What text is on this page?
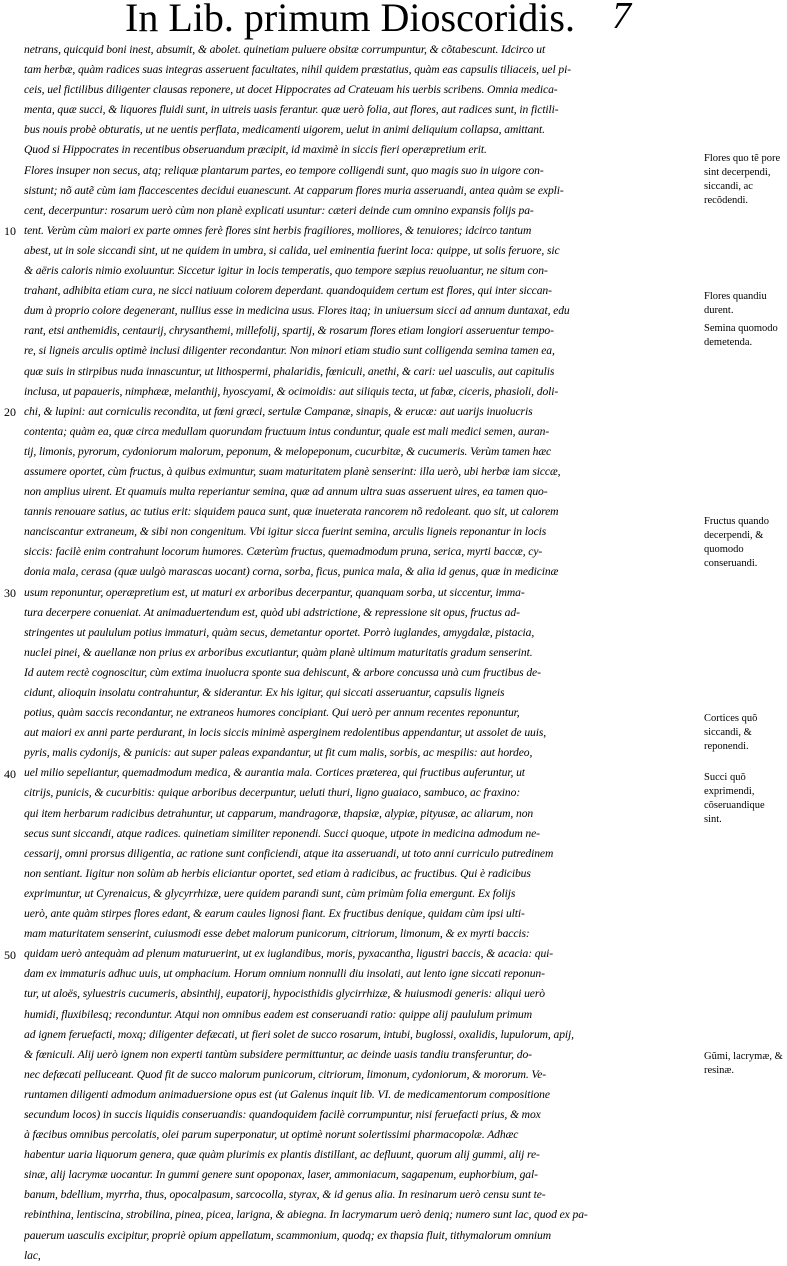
In Lib. primum Dioscoridis. 7
netrans, quicquid boni inest, absumit, & abolet. quinetiam puluere obsitæ corrumpuntur, & cõtabescunt. Idcirco ut
tam herbæ, quàm radices suas integras asseruent facultates, nihil quidem præstatius, quàm eas capsulis tiliaceis, uel pi-
ceis, uel fictilibus diligenter clausas reponere, ut docet Hippocrates ad Crateuam his uerbis scribens. Omnia medica-
menta, quæ succi, & liquores fluidi sunt, in uitreis uasis ferantur. quæ uerò folia, aut flores, aut radices sunt, in fictili-
bus nouis probè obturatis, ut ne uentis perflata, medicamenti uigorem, uelut in animi deliquium collapsa, amittant.
Quod si Hippocrates in recentibus obseruandum præcipit, id maximè in siccis fieri operæpretium erit.
Flores insuper non secus, atq; reliquæ plantarum partes, eo tempore colligendi sunt, quo magis suo in uigore con-
sistunt; nõ autẽ cùm iam flaccescentes decidui euanescunt. At capparum flores muria asseruandi, antea quàm se expli-
cent, decerpuntur: rosarum uerò cùm non planè explicati usuntur: cæteri deinde cum omnino expansis folijs pa-
tent. Verùm cùm maiori ex parte omnes ferè flores sint herbis fragiliores, molliores, & tenuiores; idcirco tantum
abest, ut in sole siccandi sint, ut ne quidem in umbra, si calida, uel eminentia fuerint loca: quippe, ut solis feruore, sic
& aëris caloris nimio exoluuntur. Siccetur igitur in locis temperatis, quo tempore sæpius reuoluantur, ne situm con-
trahant, adhibita etiam cura, ne sicci natiuum colorem deperdant. quandoquidem certum est flores, qui inter siccan-
dum à proprio colore degenerant, nullius esse in medicina usus. Flores itaq; in uniuersum sicci ad annum duntaxat, edu
rant, etsi anthemidis, centaurij, chrysanthemi, millefolij, spartij, & rosarum flores etiam longiori asseruentur tempo-
re, si ligneis arculis optimè inclusi diligenter recondantur. Non minori etiam studio sunt colligenda semina tamen ea,
quæ suis in stirpibus nuda innascuntur, ut lithospermi, phalaridis, fœniculi, anethi, & cari: uel uasculis, aut capitulis
inclusa, ut papaueris, nimphææ, melanthij, hyoscyami, & ocimoidis: aut siliquis tecta, ut fabæ, ciceris, phasioli, doli-
chi, & lupini: aut corniculis recondita, ut fœni græci, sertulæ Campanæ, sinapis, & erucæ: aut uarijs inuolucris
contenta; quàm ea, quæ circa medullam quorundam fructuum intus conduntur, quale est mali medici semen, auran-
tij, limonis, pyrorum, cydoniorum malorum, peponum, & melopeponum, cucurbitæ, & cucumeris. Verùm tamen hæc
assumere oportet, cùm fructus, à quibus eximuntur, suam maturitatem planè senserint: illa uerò, ubi herbæ iam siccæ,
non amplius uirent. Et quamuis multa reperiantur semina, quæ ad annum ultra suas asseruent uires, ea tamen quo-
tannis renouare satius, ac tutius erit: siquidem pauca sunt, quæ inueterata rancorem nõ redoleant. quo sit, ut calorem
nanciscantur extraneum, & sibi non congenitum. Vbi igitur sicca fuerint semina, arculis ligneis reponantur in locis
siccis: facilè enim contrahunt locorum humores. Cæterùm fructus, quemadmodum pruna, serica, myrti baccæ, cy-
donia mala, cerasa (quæ uulgò marascas uocant) corna, sorba, ficus, punica mala, & alia id genus, quæ in medicinæ
usum reponuntur, operæpretium est, ut maturi ex arboribus decerpantur, quanquam sorba, ut siccentur, imma-
tura decerpere conueniat. At animaduertendum est, quòd ubi adstrictione, & repressione sit opus, fructus ad-
stringentes ut paululum potius immaturi, quàm secus, demetantur oportet. Porrò iuglandes, amygdalæ, pistacia,
nuclei pinei, & auellanæ non prius ex arboribus excutiantur, quàm planè ultimum maturitatis gradum senserint.
Id autem rectè cognoscitur, cùm extima inuolucra sponte sua dehiscunt, & arbore concussa unà cum fructibus de-
cidunt, alioquin insolatu contrahuntur, & siderantur. Ex his igitur, qui siccati asseruantur, capsulis ligneis
potius, quàm saccis recondantur, ne extraneos humores concipiant. Qui uerò per annum recentes reponuntur,
aut maiori ex anni parte perdurant, in locis siccis minimè asperginem redolentibus appendantur, ut assolet de uuis,
pyris, malis cydonijs, & punicis: aut super paleas expandantur, ut fit cum malis, sorbis, ac mespilis: aut hordeo,
uel milio sepeliantur, quemadmodum medica, & aurantia mala. Cortices præterea, qui fructibus auferuntur, ut
citrijs, punicis, & cucurbitis: quique arboribus decerpuntur, ueluti thuri, ligno guaiaco, sambuco, ac fraxino:
qui item herbarum radicibus detrahuntur, ut capparum, mandragoræ, thapsiæ, alypiæ, pityusæ, ac aliarum, non
secus sunt siccandi, atque radices. quinetiam similiter reponendi. Succi quoque, utpote in medicina admodum ne-
cessarij, omni prorsus diligentia, ac ratione sunt conficiendi, atque ita asseruandi, ut toto anni curriculo putredinem
non sentiant. Iigitur non solùm ab herbis eliciantur oportet, sed etiam à radicibus, ac fructibus. Qui è radicibus
exprimuntur, ut Cyrenaicus, & glycyrrhizæ, uere quidem parandi sunt, cùm primùm folia emergunt. Ex folijs
uerò, ante quàm stirpes flores edant, & earum caules lignosi fiant. Ex fructibus denique, quidam cùm ipsi ulti-
mam maturitatem senserint, cuiusmodi esse debet malorum punicorum, citriorum, limonum, & ex myrti baccis:
quidam uerò antequàm ad plenum maturuerint, ut ex iuglandibus, moris, pyxacantha, ligustri baccis, & acacia: qui-
dam ex immaturis adhuc uuis, ut omphacium. Horum omnium nonnulli diu insolati, aut lento igne siccati reponun-
tur, ut aloës, syluestris cucumeris, absinthij, eupatorij, hypocisthidis glycirrhizæ, & huiusmodi generis: aliqui uerò
humidi, fluxibilesq; reconduntur. Atqui non omnibus eadem est conseruandi ratio: quippe alij paululum primum
ad ignem feruefacti, moxq; diligenter defæcati, ut fieri solet de succo rosarum, intubi, buglossi, oxalidis, lupulorum, apij,
& fœniculi. Alij uerò ignem non experti tantùm subsidere permittuntur, ac deinde uasis tandiu transferuntur, do-
nec defæcati pelluceant. Quod fit de succo malorum punicorum, citriorum, limonum, cydoniorum, & mororum. Ve-
runtamen diligenti admodum animaduersione opus est (ut Galenus inquit lib. VI. de medicamentorum compositione
secundum locos) in succis liquidis conseruandis: quandoquidem facilè corrumpuntur, nisi feruefacti prius, & mox
à fæcibus omnibus percolatis, olei parum superponatur, ut optimè norunt solertissimi pharmacopolæ. Adhæc
habentur uaria liquorum genera, quæ quàm plurimis ex plantis distillant, ac defluunt, quorum alij gummi, alij re-
sinæ, alij lacrymæ uocantur. In gummi genere sunt opoponax, laser, ammoniacum, sagapenum, euphorbium, gal-
banum, bdellium, myrrha, thus, opocalpasum, sarcocolla, styrax, & id genus alia. In resinarum uerò censu sunt te-
rebinthina, lentiscina, strobilina, pinea, picea, larigna, & abiegna. In lacrymarum uerò deniq; numero sunt lac, quod ex pa-
pauerum uasculis excipitur, propriè opium appellatum, scammonium, quodq; ex thapsia fluit, tithymalorum omnium
lac,
10
20
30
40
50
Flores quo tẽ pore sint decerpendi, siccandi, ac recõdendi.
Flores quandiu durent.
Semina quomodo demetenda.
Fructus quando decerpendi, & quomodo conseruandi.
Cortices quõ siccandi, & reponendi.
Succi quõ exprimendi, cõseruandique sint.
Gũmi, lacrymæ, & resinæ.
